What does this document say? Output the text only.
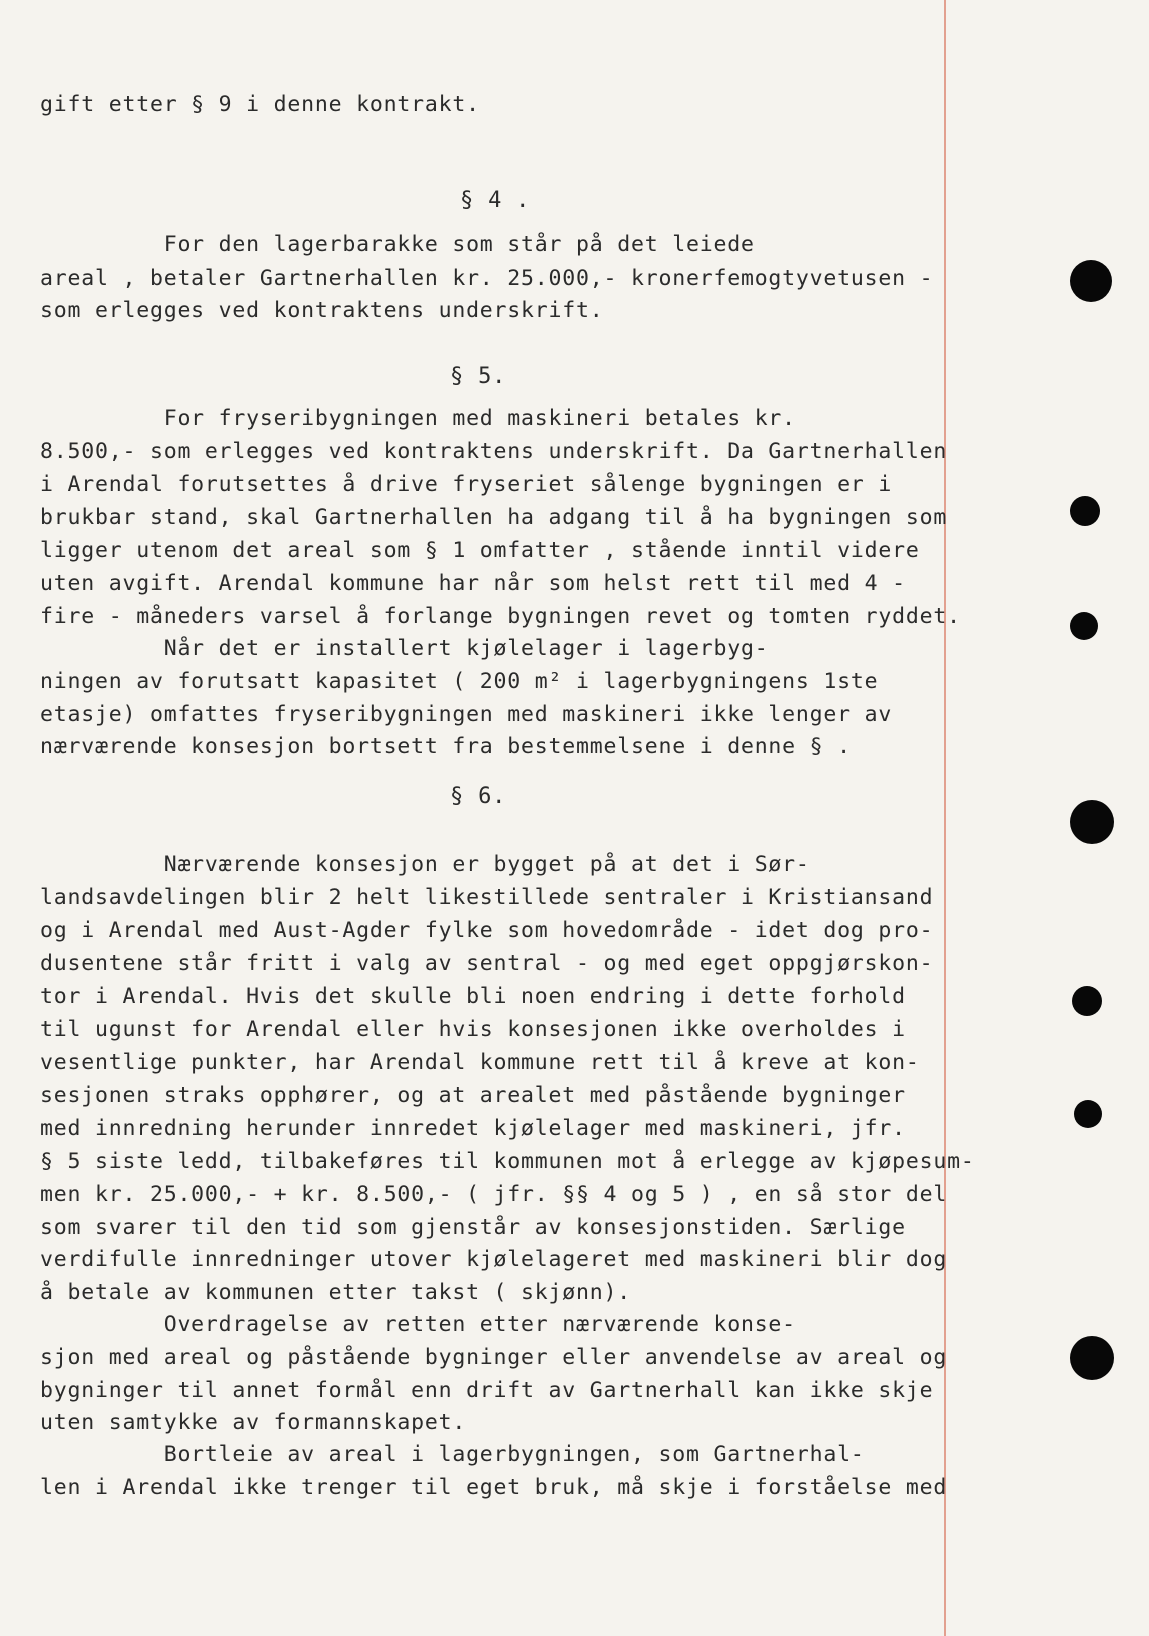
gift etter § 9 i denne kontrakt.
§ 4 .
For den lagerbarakke som står på det leiede
areal , betaler Gartnerhallen kr. 25.000,- kronerfemogtyvetusen -
som erlegges ved kontraktens underskrift.
§ 5.
For fryseribygningen med maskineri betales kr.
8.500,- som erlegges ved kontraktens underskrift. Da Gartnerhallen
i Arendal forutsettes å drive fryseriet sålenge bygningen er i
brukbar stand, skal Gartnerhallen ha adgang til å ha bygningen som
ligger utenom det areal som § 1 omfatter , stående inntil videre
uten avgift. Arendal kommune har når som helst rett til med 4 -
fire - måneders varsel å forlange bygningen revet og tomten ryddet.
Når det er installert kjølelager i lagerbyg-
ningen av forutsatt kapasitet ( 200 m² i lagerbygningens 1ste
etasje) omfattes fryseribygningen med maskineri ikke lenger av
nærværende konsesjon bortsett fra bestemmelsene i denne § .
§ 6.
Nærværende konsesjon er bygget på at det i Sør-
landsavdelingen blir 2 helt likestillede sentraler i Kristiansand
og i Arendal med Aust-Agder fylke som hovedområde - idet dog pro-
dusentene står fritt i valg av sentral - og med eget oppgjørskon-
tor i Arendal. Hvis det skulle bli noen endring i dette forhold
til ugunst for Arendal eller hvis konsesjonen ikke overholdes i
vesentlige punkter, har Arendal kommune rett til å kreve at kon-
sesjonen straks opphører, og at arealet med påstående bygninger
med innredning herunder innredet kjølelager med maskineri, jfr.
§ 5 siste ledd, tilbakeføres til kommunen mot å erlegge av kjøpesum-
men kr. 25.000,- + kr. 8.500,- ( jfr. §§ 4 og 5 ) , en så stor del
som svarer til den tid som gjenstår av konsesjonstiden. Særlige
verdifulle innredninger utover kjølelageret med maskineri blir dog
å betale av kommunen etter takst ( skjønn).
Overdragelse av retten etter nærværende konse-
sjon med areal og påstående bygninger eller anvendelse av areal og
bygninger til annet formål enn drift av Gartnerhall kan ikke skje
uten samtykke av formannskapet.
Bortleie av areal i lagerbygningen, som Gartnerhal-
len i Arendal ikke trenger til eget bruk, må skje i forståelse med
